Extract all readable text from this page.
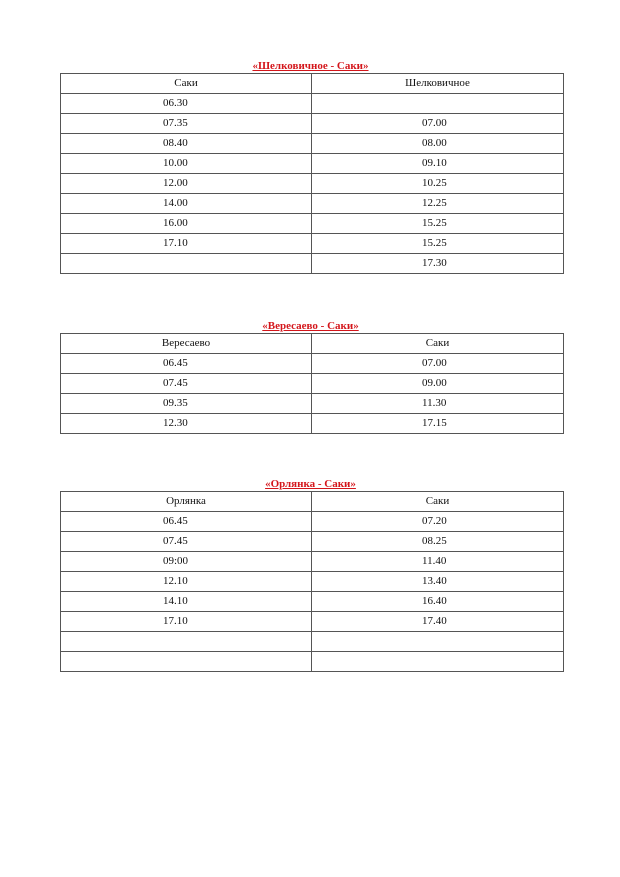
«Шелковичное - Саки»
Саки	Шелковичное
06.30	
07.35	07.00
08.40	08.00
10.00	09.10
12.00	10.25
14.00	12.25
16.00	15.25
17.10	15.25
	17.30
«Вересаево - Саки»
Вересаево	Саки
06.45	07.00
07.45	09.00
09.35	11.30
12.30	17.15
«Орлянка - Саки»
Орлянка	Саки
06.45	07.20
07.45	08.25
09:00	11.40
12.10	13.40
14.10	16.40
17.10	17.40
